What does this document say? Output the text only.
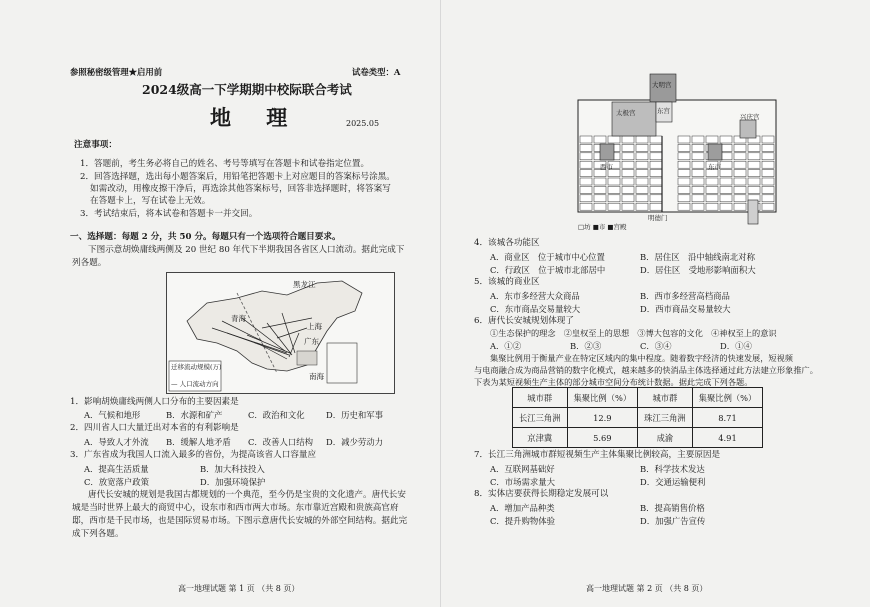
参照秘密级管理★启用前	试卷类型：A
2024级高一下学期期中校际联合考试
地 理	2025.05
注意事项：
1．答题前，考生务必将自己的姓名、考号等填写在答题卡和试卷指定位置。
2．回答选择题，选出每小题答案后，用铅笔把答题卡上对应题目的答案标号涂黑。
如需改动，用橡皮擦干净后，再选涂其他答案标号，回答非选择题时，将答案写
在答题卡上，写在试卷上无效。
3．考试结束后，将本试卷和答题卡一并交回。
一、选择题：每题 2 分，共 50 分。每题只有一个选项符合题目要求。
下图示意胡焕庸线两侧及 20 世纪 80 年代下半期我国各省区人口流动。据此完成下
列各题。
黑龙江
上海
广东
南海
青海
迁移流动规模(万)
— 人口流动方向
1．影响胡焕庸线两侧人口分布的主要因素是
A．气候和地形	B．水源和矿产	C．政治和文化	D．历史和军事
2．四川省人口大量迁出对本省的有利影响是
A．导致人才外流 B．缓解人地矛盾 C．改善人口结构 D．减少劳动力
3．广东省成为我国人口流入最多的省份，为提高该省人口容量应
A．提高生活质量	B．加大科技投入
C．放宽落户政策	D．加强环境保护
唐代长安城的规划是我国古都规划的一个典范，至今仍是宝贵的文化遗产。唐代长安
城是当时世界上最大的商贸中心，设东市和西市两大市场。东市靠近宫殿和贵族高官府
邸，西市是千民市场，也是国际贸易市场。下图示意唐代长安城的外部空间结构。据此完
成下列各题。
高一地理试题 第 1 页 （共 8 页）
大明宫
太极宫	东宫
西市	东市
兴庆宫
明德门
□坊 ■市 ■宫殿
4．该城各功能区
A．商业区　位于城市中心位置	B．居住区　沿中轴线南北对称
C．行政区　位于城市北部居中	D．居住区　受地形影响面积大
5．该城的商业区
A．东市多经营大众商品	B．西市多经营高档商品
C．东市商品交易量较大	D．西市商品交易量较大
6．唐代长安城规划体现了
①生态保护的理念　②皇权至上的思想　③博大包容的文化　④神权至上的意识
A．①②	B．②③	C．③④	D．①④
集聚比例用于衡量产业在特定区域内的集中程度。随着数字经济的快速发展，短视频
与电商融合成为商品营销的数字化模式，越来越多的快消品主体选择通过此方法建立形象推广。
下表为某短视频生产主体的部分城市空间分布统计数据。据此完成下列各题。
城市群	集聚比例（%）	城市群	集聚比例（%）
长江三角洲	12.9	珠江三角洲	8.71
京津冀	5.69	成渝	4.91
7．长江三角洲城市群短视频生产主体集聚比例较高，主要原因是
A．互联网基础好	B．科学技术发达
C．市场需求量大	D．交通运输便利
8．实体店要获得长期稳定发展可以
A．增加产品种类	B．提高销售价格
C．提升购物体验	D．加强广告宣传
高一地理试题 第 2 页 （共 8 页）
